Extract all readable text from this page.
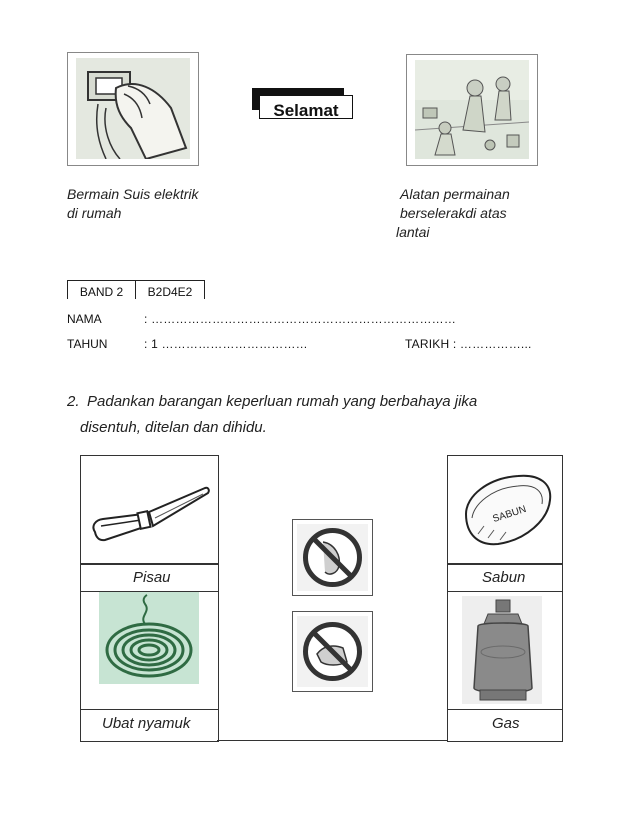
Selamat
Bermain Suis elektrik
di rumah
Alatan permainan
berselerakdi atas
lantai
BAND 2	B2D4E2
NAMA	: …………………………………………………………………
TAHUN	: 1 ………………………………	TARIKH : ……………...
2. Padankan barangan keperluan rumah yang berbahaya jika
disentuh, ditelan dan dihidu.
Pisau
Ubat nyamuk
SABUN
Sabun
Gas
